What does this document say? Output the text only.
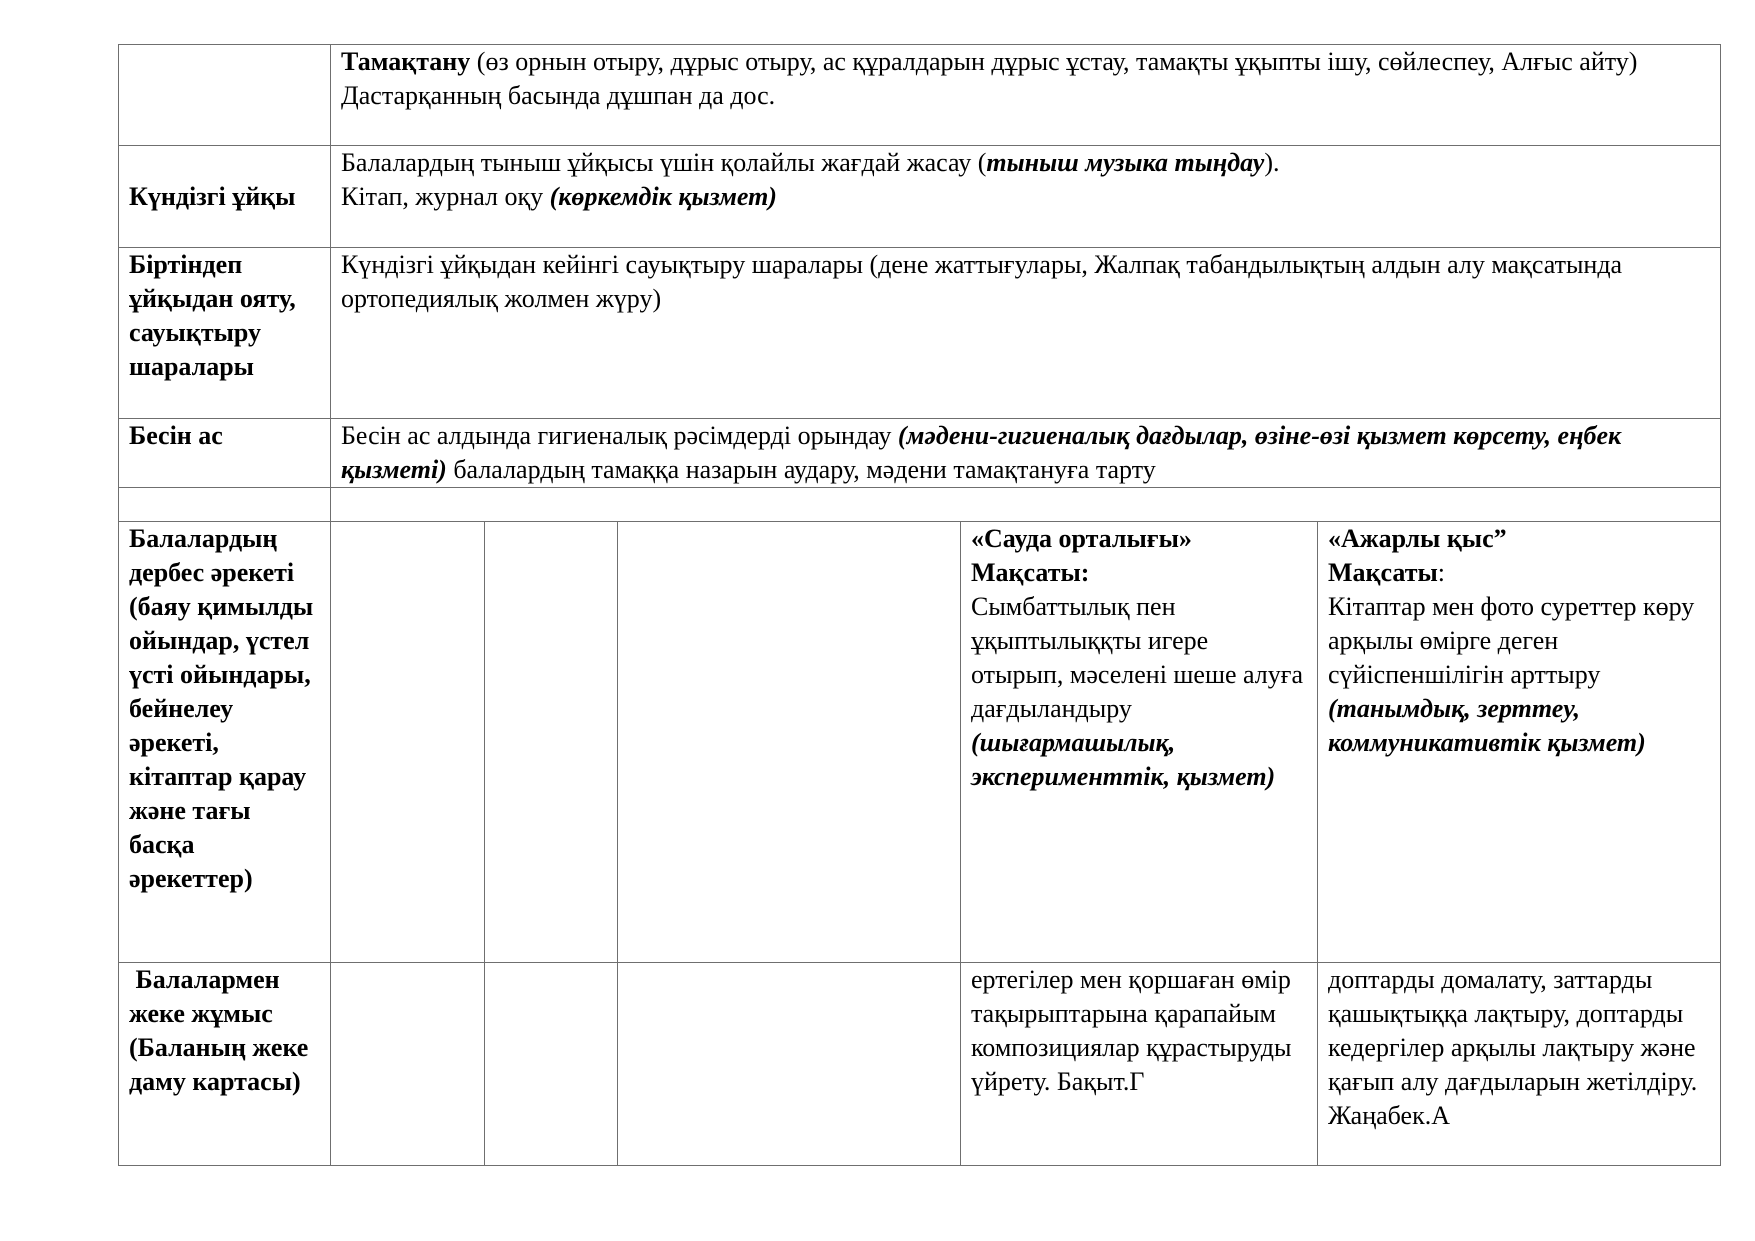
	Тамақтану (өз орнын отыру, дұрыс отыру, ас құралдарын дұрыс ұстау, тамақты ұқыпты ішу, сөйлеспеу, Алғыс айту)
Дастарқанның басында дұшпан да дос.				

Күндізгі ұйқы	Балалардың тыныш ұйқысы үшін қолайлы жағдай жасау (тыныш музыка тыңдау).
Кітап, журнал оқу (көркемдік қызмет)				

Біртіндеп ұйқыдан ояту, сауықтыру шаралары	Күндізгі ұйқыдан кейінгі сауықтыру шаралары (дене жаттығулары, Жалпақ табандылықтың алдын алу мақсатында ортопедиялық жолмен жүру)				
Бесін ас	Бесін ас алдында гигиеналық рәсімдерді орындау (мәдени-гигиеналық дағдылар, өзіне-өзі қызмет көрсету, еңбек қызметі) балалардың тамаққа назарын аудару, мәдени тамақтануға тарту				

Балалардың дербес әрекеті (баяу қимылды ойындар, үстел үсті ойындары, бейнелеу әрекеті, кітаптар қарау және тағы басқа әрекеттер)				«Сауда орталығы»
Мақсаты:
Сымбаттылық пен ұқыптылыққты игере отырып, мәселені шеше алуға дағдыландыру (шығармашылық, эксперименттік, қызмет)	«Ажарлы қыс”
Мақсаты:
Кітаптар мен фото суреттер көру арқылы өмірге деген сүйіспеншілігін арттыру (танымдық, зерттеу, коммуникативтік қызмет)
Балалармен жеке жұмыс (Баланың жеке даму картасы)				ертегілер мен қоршаған өмір тақырыптарына қарапайым композициялар құрастыруды үйрету. Бақыт.Г	доптарды домалату, заттарды қашықтыққа лақтыру, доптарды кедергілер арқылы лақтыру және қағып алу дағдыларын жетілдіру. Жаңабек.А
